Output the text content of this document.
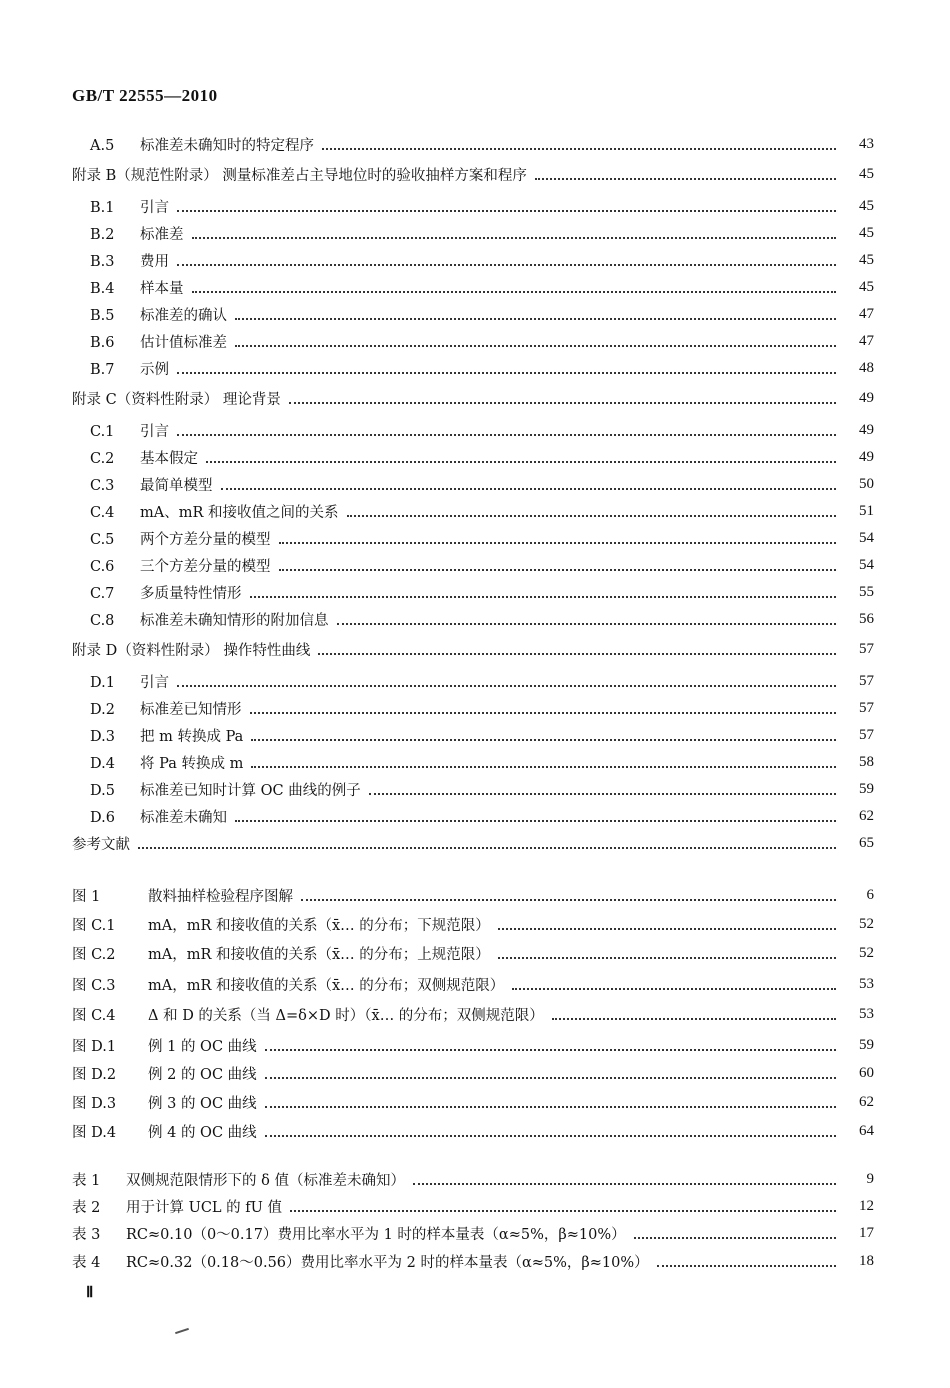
GB/T 22555—2010
A.5 标准差未确知时的特定程序	43
附录 B（规范性附录） 测量标准差占主导地位时的验收抽样方案和程序	45
B.1 引言	45
B.2 标准差	45
B.3 费用	45
B.4 样本量	45
B.5 标准差的确认	47
B.6 估计值标准差	47
B.7 示例	48
附录 C（资料性附录） 理论背景	49
C.1 引言	49
C.2 基本假定	49
C.3 最简单模型	50
C.4 mA、mR 和接收值之间的关系	51
C.5 两个方差分量的模型	54
C.6 三个方差分量的模型	54
C.7 多质量特性情形	55
C.8 标准差未确知情形的附加信息	56
附录 D（资料性附录） 操作特性曲线	57
D.1 引言	57
D.2 标准差已知情形	57
D.3 把 m 转换成 Pa	57
D.4 将 Pa 转换成 m	58
D.5 标准差已知时计算 OC 曲线的例子	59
D.6 标准差未确知	62
参考文献	65
图 1	散料抽样检验程序图解	6
图 C.1 mA，mR 和接收值的关系（x̄… 的分布；下规范限）	52
图 C.2 mA，mR 和接收值的关系（x̄… 的分布；上规范限）	52
图 C.3 mA，mR 和接收值的关系（x̄… 的分布；双侧规范限）	53
图 C.4 Δ 和 D 的关系（当 Δ=δ×D 时）（x̄… 的分布；双侧规范限）	53
图 D.1 例 1 的 OC 曲线	59
图 D.2 例 2 的 OC 曲线	60
图 D.3 例 3 的 OC 曲线	62
图 D.4 例 4 的 OC 曲线	64
表 1 双侧规范限情形下的 δ 值（标准差未确知）	9
表 2 用于计算 UCL 的 fU 值	12
表 3 RC≈0.10（0～0.17）费用比率水平为 1 时的样本量表（α≈5%，β≈10%）	17
表 4 RC≈0.32（0.18～0.56）费用比率水平为 2 时的样本量表（α≈5%，β≈10%）	18
Ⅱ
